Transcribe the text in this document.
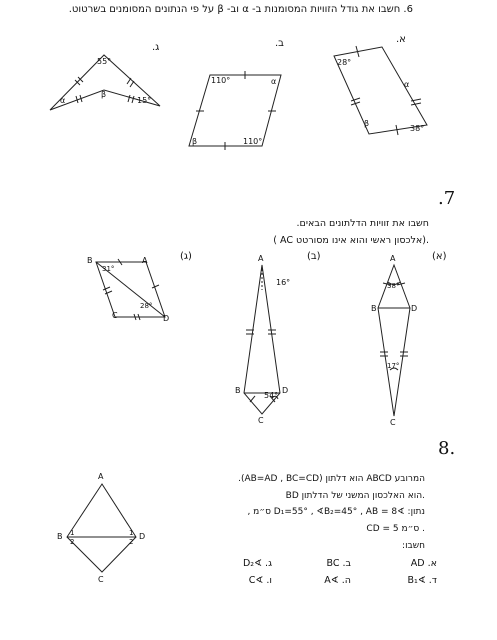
6. חשבו את גודל הזוויות המסומנות ב- α וב- β על פי הנתונים המסומנים בשרטוט.
א.
ב.
ג.
28°
α
β
38°
110°	α
β	110°
55°
α
β
15°
.7
חשבו את זוויות הדלתונים הבאים.
( AC אלכסון ראשי והוא אינו מסורטט).
(א)
(ב)
(ג)	A
B
C
D
38°
17°
A
B
C
D
16°
54°
A
B
C	D
31°
28°
8.
המרובע ABCD הוא דלתון (AB=AD , BC=CD).
BD הוא האלכסון המשני של הדלתון.
נתון: ∢D₁=55° , ∢B₂=45° , AB = 8 ס״מ ,
CD = 5 ס״מ .
חשבו:
א. AD
ב. BC
ג. ∢D₂
ד. ∢B₁
ה. ∢A
ו. ∢C
A
B
C
D
1
2
1
2
